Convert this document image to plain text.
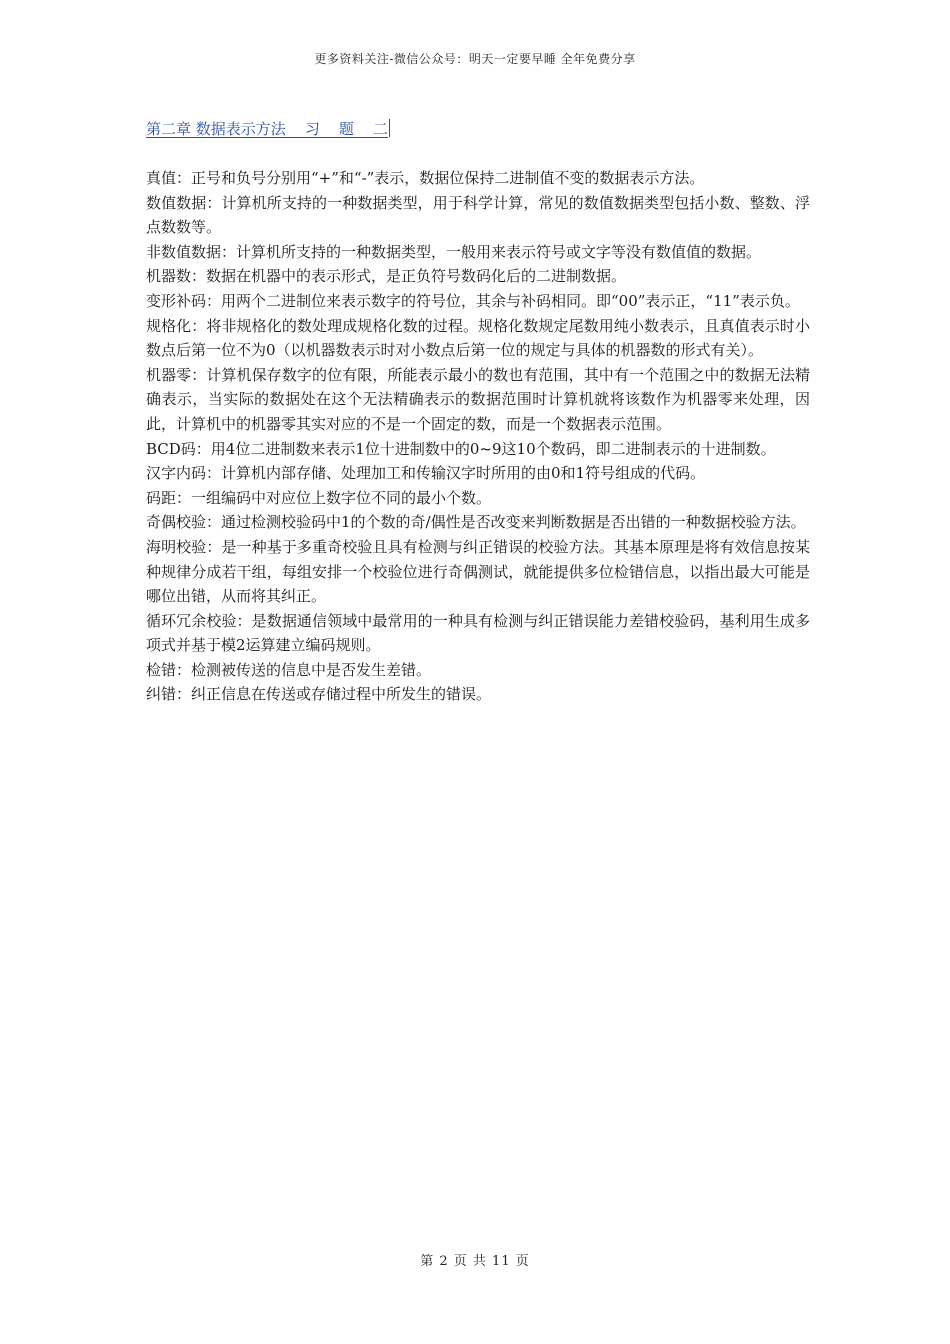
更多资料关注-微信公众号：明天一定要早睡 全年免费分享
第二章 数据表示方法    习    题    二

真值：正号和负号分别用“+”和“-”表示，数据位保持二进制值不变的数据表示方法。

数值数据：计算机所支持的一种数据类型，用于科学计算，常见的数值数据类型包括小数、整数、浮点数数等。

非数值数据：计算机所支持的一种数据类型，一般用来表示符号或文字等没有数值值的数据。

机器数：数据在机器中的表示形式，是正负符号数码化后的二进制数据。

变形补码：用两个二进制位来表示数字的符号位，其余与补码相同。即“00”表示正，“11”表示负。

规格化：将非规格化的数处理成规格化数的过程。规格化数规定尾数用纯小数表示，且真值表示时小数点后第一位不为0（以机器数表示时对小数点后第一位的规定与具体的机器数的形式有关）。

机器零：计算机保存数字的位有限，所能表示最小的数也有范围，其中有一个范围之中的数据无法精确表示，当实际的数据处在这个无法精确表示的数据范围时计算机就将该数作为机器零来处理，因此，计算机中的机器零其实对应的不是一个固定的数，而是一个数据表示范围。

BCD码：用4位二进制数来表示1位十进制数中的0~9这10个数码，即二进制表示的十进制数。

汉字内码：计算机内部存储、处理加工和传输汉字时所用的由0和1符号组成的代码。

码距：一组编码中对应位上数字位不同的最小个数。

奇偶校验：通过检测校验码中1的个数的奇/偶性是否改变来判断数据是否出错的一种数据校验方法。

海明校验：是一种基于多重奇校验且具有检测与纠正错误的校验方法。其基本原理是将有效信息按某种规律分成若干组，每组安排一个校验位进行奇偶测试，就能提供多位检错信息，以指出最大可能是哪位出错，从而将其纠正。

循环冗余校验：是数据通信领域中最常用的一种具有检测与纠正错误能力差错校验码，基利用生成多项式并基于模2运算建立编码规则。

检错：检测被传送的信息中是否发生差错。

纠错：纠正信息在传送或存储过程中所发生的错误。

第 2 页 共 11 页
